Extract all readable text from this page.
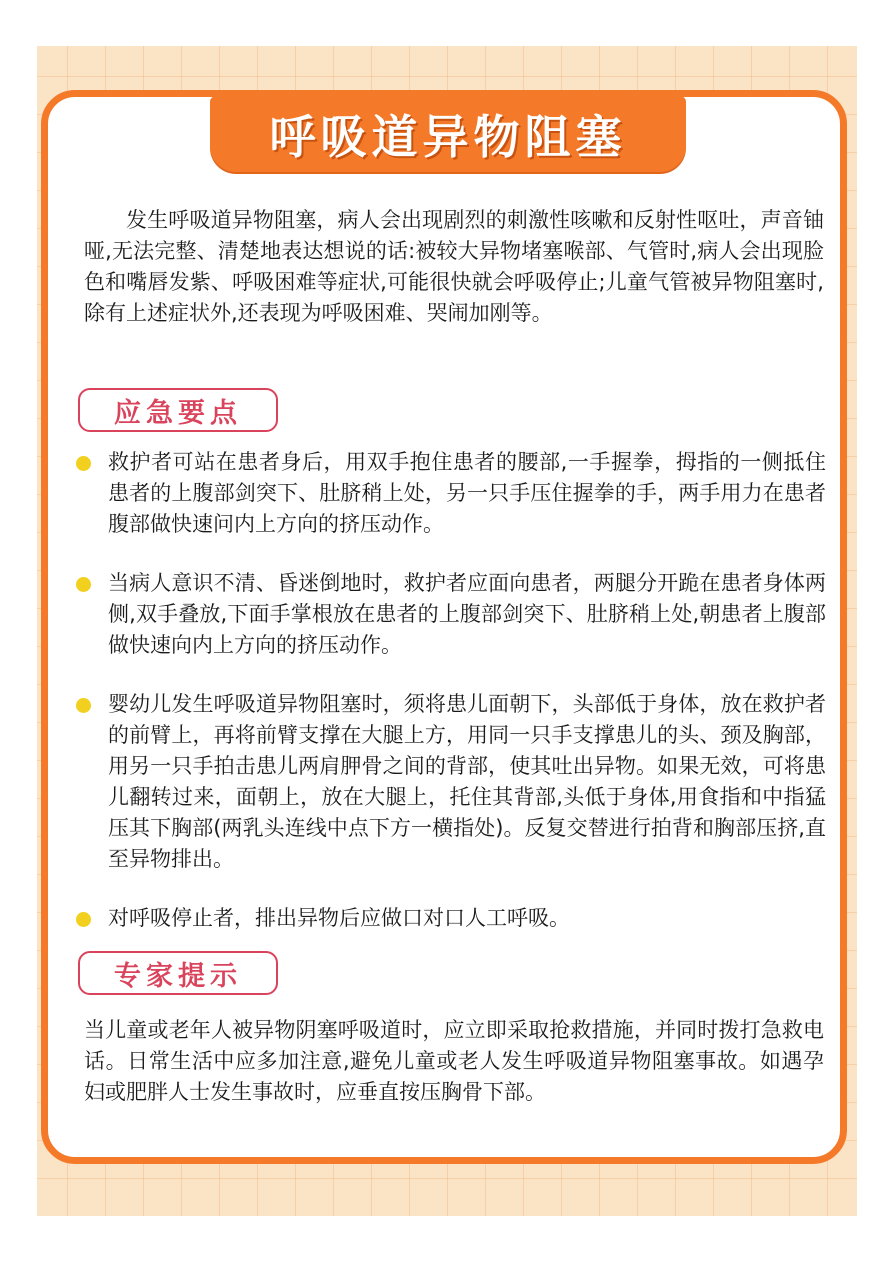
呼吸道异物阻塞
发生呼吸道异物阻塞，病人会出现剧烈的刺激性咳嗽和反射性呕吐，声音铀哑,无法完整、清楚地表达想说的话:被较大异物堵塞喉部、气管时,病人会出现脸色和嘴唇发紫、呼吸困难等症状,可能很快就会呼吸停止;儿童气管被异物阻塞时,除有上述症状外,还表现为呼吸困难、哭闹加刚等。
应急要点
救护者可站在患者身后，用双手抱住患者的腰部,一手握拳，拇指的一侧抵住患者的上腹部剑突下、肚脐稍上处，另一只手压住握拳的手，两手用力在患者腹部做快速问内上方向的挤压动作。
当病人意识不清、昏迷倒地时，救护者应面向患者，两腿分开跪在患者身体两侧,双手叠放,下面手掌根放在患者的上腹部剑突下、肚脐稍上处,朝患者上腹部做快速向内上方向的挤压动作。
婴幼儿发生呼吸道异物阻塞时，须将患儿面朝下，头部低于身体，放在救护者的前臂上，再将前臂支撑在大腿上方，用同一只手支撑患儿的头、颈及胸部，用另一只手拍击患儿两肩胛骨之间的背部，使其吐出异物。如果无效，可将患儿翻转过来，面朝上，放在大腿上，托住其背部,头低于身体,用食指和中指猛压其下胸部(两乳头连线中点下方一横指处)。反复交替进行拍背和胸部压挤,直至异物排出。
对呼吸停止者，排出异物后应做口对口人工呼吸。
专家提示
当儿童或老年人被异物阴塞呼吸道时，应立即采取抢救措施，并同时拨打急救电话。日常生活中应多加注意,避免儿童或老人发生呼吸道异物阻塞事故。如遇孕妇或肥胖人士发生事故时，应垂直按压胸骨下部。
